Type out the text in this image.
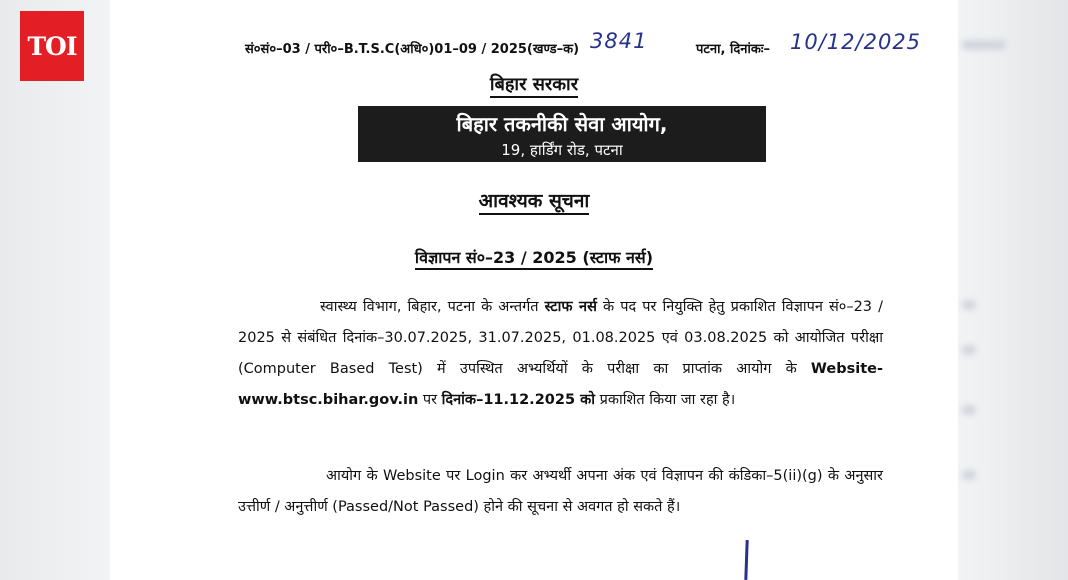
TOI	सं०सं०–03 / परी०–B.T.S.C(अधि०)01–09 / 2025(खण्ड–क) 3841	पटना, दिनांकः– 10/12/2025
बिहार सरकार
बिहार तकनीकी सेवा आयोग,
19, हार्डिंग रोड, पटना
आवश्यक सूचना
विज्ञापन सं०–23 / 2025 (स्टाफ नर्स)
स्वास्थ्य विभाग, बिहार, पटना के अन्तर्गत स्टाफ नर्स के पद पर नियुक्ति हेतु प्रकाशित विज्ञापन सं०–23 / 2025 से संबंधित दिनांक–30.07.2025, 31.07.2025, 01.08.2025 एवं 03.08.2025 को आयोजित परीक्षा (Computer Based Test) में उपस्थित अभ्यर्थियों के परीक्षा का प्राप्तांक आयोग के Website-www.btsc.bihar.gov.in पर दिनांक–11.12.2025 को प्रकाशित किया जा रहा है।
आयोग के Website पर Login कर अभ्यर्थी अपना अंक एवं विज्ञापन की कंडिका–5(ii)(g) के अनुसार उत्तीर्ण / अनुत्तीर्ण (Passed/Not Passed) होने की सूचना से अवगत हो सकते हैं।
